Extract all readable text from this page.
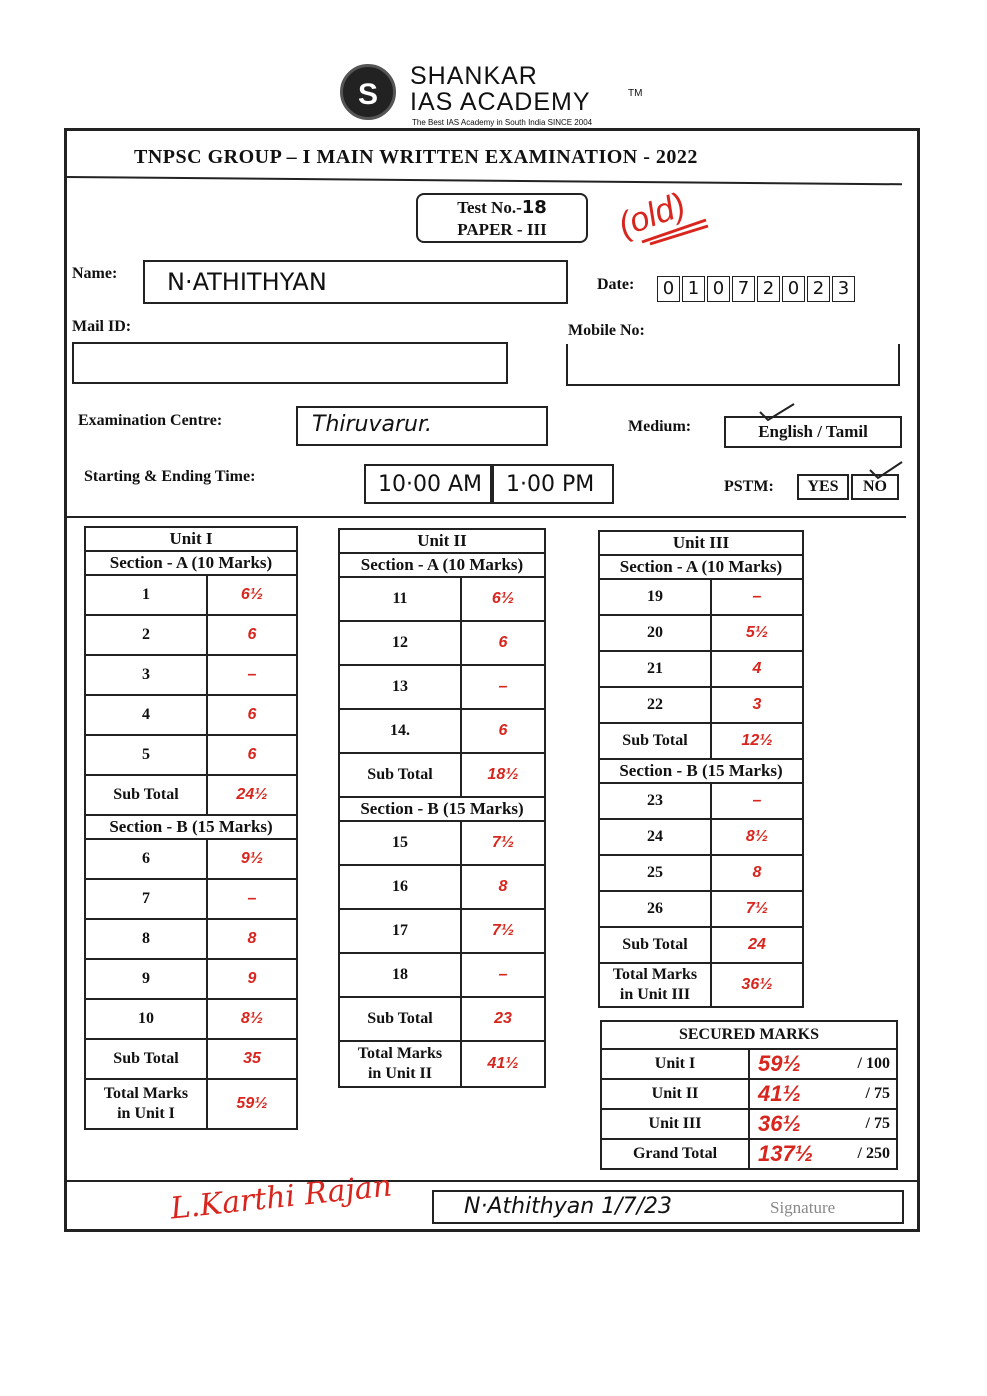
S
SHANKAR
IAS ACADEMY	TM
The Best IAS Academy in South India SINCE 2004
TNPSC GROUP – I MAIN WRITTEN EXAMINATION - 2022
Test No.-18
PAPER - III	(old)
Name: N·ATHITHYAN	Date:	0 1 0 7 2 0 2 3
Mail ID:	Mobile No:
Examination Centre:	Thiruvarur.	Medium:	English / Tamil
Starting & Ending Time:	10·00 AM 1·00 PM	PSTM:	YES	NO
Unit I	
Section - A (10 Marks)	
1	6½
2	6
3	–
4	6
5	6
Sub Total	24½
Section - B (15 Marks)	
6	9½
7	–
8	8
9	9
10	8½
Sub Total	35
Total Marks
in Unit I	59½
Unit II	
Section - A (10 Marks)	
11	6½
12	6
13	–
14.	6
Sub Total	18½
Section - B (15 Marks)	
15	7½
16	8
17	7½
18	–
Sub Total	23
Total Marks
in Unit II	41½
Unit III	
Section - A (10 Marks)	
19	–
20	5½
21	4
22	3
Sub Total	12½
Section - B (15 Marks)	
23	–
24	8½
25	8
26	7½
Sub Total	24
Total Marks
in Unit III	36½
SECURED MARKS		
Unit I	59½	/ 100
Unit II	41½	/ 75
Unit III	36½	/ 75
Grand Total	137½	/ 250
L.Karthi Rajan	N·Athithyan 1/7/23	Signature
